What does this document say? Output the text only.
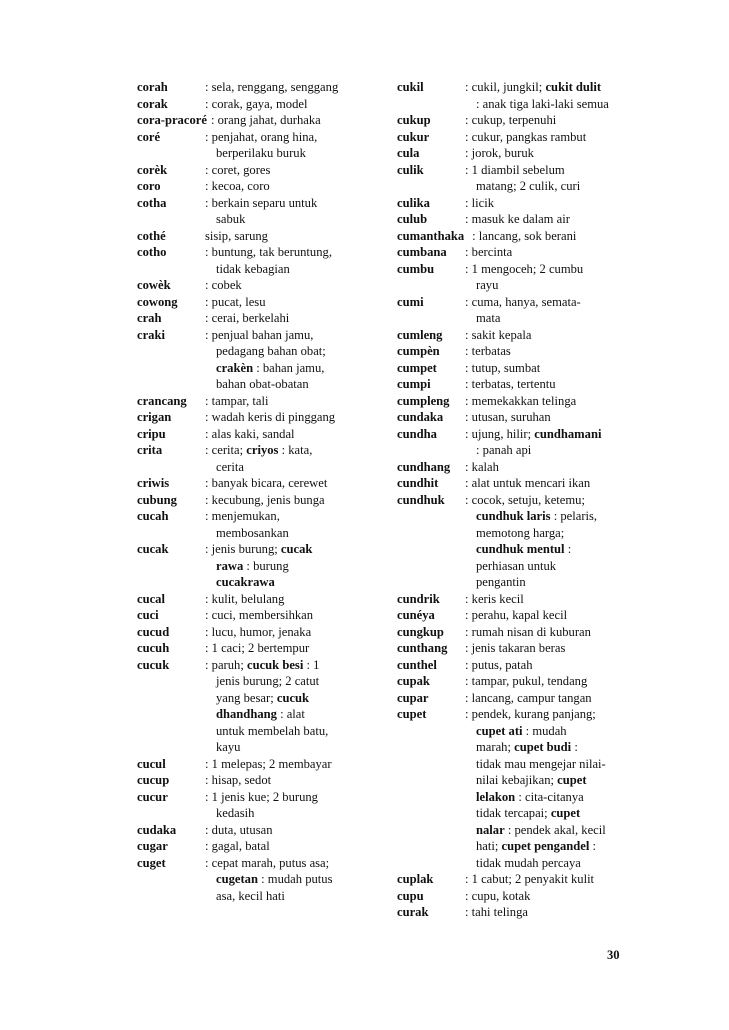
corah	: sela, renggang, senggang
corak	: corak, gaya, model
cora-pracoré : orang jahat, durhaka
coré	: penjahat, orang hina,
berperilaku buruk
corèk	: coret, gores
coro	: kecoa, coro
cotha	: berkain separu untuk
sabuk
cothé	sisip, sarung
cotho	: buntung, tak beruntung,
tidak kebagian
cowèk	: cobek
cowong : pucat, lesu
crah	: cerai, berkelahi
craki	: penjual bahan jamu,
pedagang bahan obat;
crakèn : bahan jamu,
bahan obat-obatan
crancang : tampar, tali
crigan	: wadah keris di pinggang
cripu	: alas kaki, sandal
crita	: cerita; criyos : kata,
cerita
criwis	: banyak bicara, cerewet
cubung : kecubung, jenis bunga
cucah	: menjemukan,
membosankan
cucak	: jenis burung; cucak
rawa : burung
cucakrawa
cucal	: kulit, belulang
cuci	: cuci, membersihkan
cucud	: lucu, humor, jenaka
cucuh	: 1 caci; 2 bertempur
cucuk	: paruh; cucuk besi : 1
jenis burung; 2 catut
yang besar; cucuk
dhandhang : alat
untuk membelah batu,
kayu
cucul	: 1 melepas; 2 membayar
cucup	: hisap, sedot
cucur	: 1 jenis kue; 2 burung
kedasih
cudaka : duta, utusan
cugar	: gagal, batal
cuget	: cepat marah, putus asa;
cugetan : mudah putus
asa, kecil hati
cukil	: cukil, jungkil; cukit dulit
: anak tiga laki-laki semua
cukup	: cukup, terpenuhi
cukur	: cukur, pangkas rambut
cula	: jorok, buruk
culik	: 1 diambil sebelum
matang; 2 culik, curi
culika	: licik
culub	: masuk ke dalam air
cumanthaka : lancang, sok berani
cumbana : bercinta
cumbu : 1 mengoceh; 2 cumbu
rayu
cumi	: cuma, hanya, semata-
mata
cumleng : sakit kepala
cumpèn : terbatas
cumpet : tutup, sumbat
cumpi	: terbatas, tertentu
cumpleng : memekakkan telinga
cundaka : utusan, suruhan
cundha : ujung, hilir; cundhamani
: panah api
cundhang : kalah
cundhit : alat untuk mencari ikan
cundhuk : cocok, setuju, ketemu;
cundhuk laris : pelaris,
memotong harga;
cundhuk mentul :
perhiasan untuk
pengantin
cundrik : keris kecil
cunéya : perahu, kapal kecil
cungkup : rumah nisan di kuburan
cunthang : jenis takaran beras
cunthel : putus, patah
cupak	: tampar, pukul, tendang
cupar	: lancang, campur tangan
cupet	: pendek, kurang panjang;
cupet ati : mudah
marah; cupet budi :
tidak mau mengejar nilai-
nilai kebajikan; cupet
lelakon : cita-citanya
tidak tercapai; cupet
nalar : pendek akal, kecil
hati; cupet pengandel :
tidak mudah percaya
cuplak	: 1 cabut; 2 penyakit kulit
cupu	: cupu, kotak
curak	: tahi telinga
30
